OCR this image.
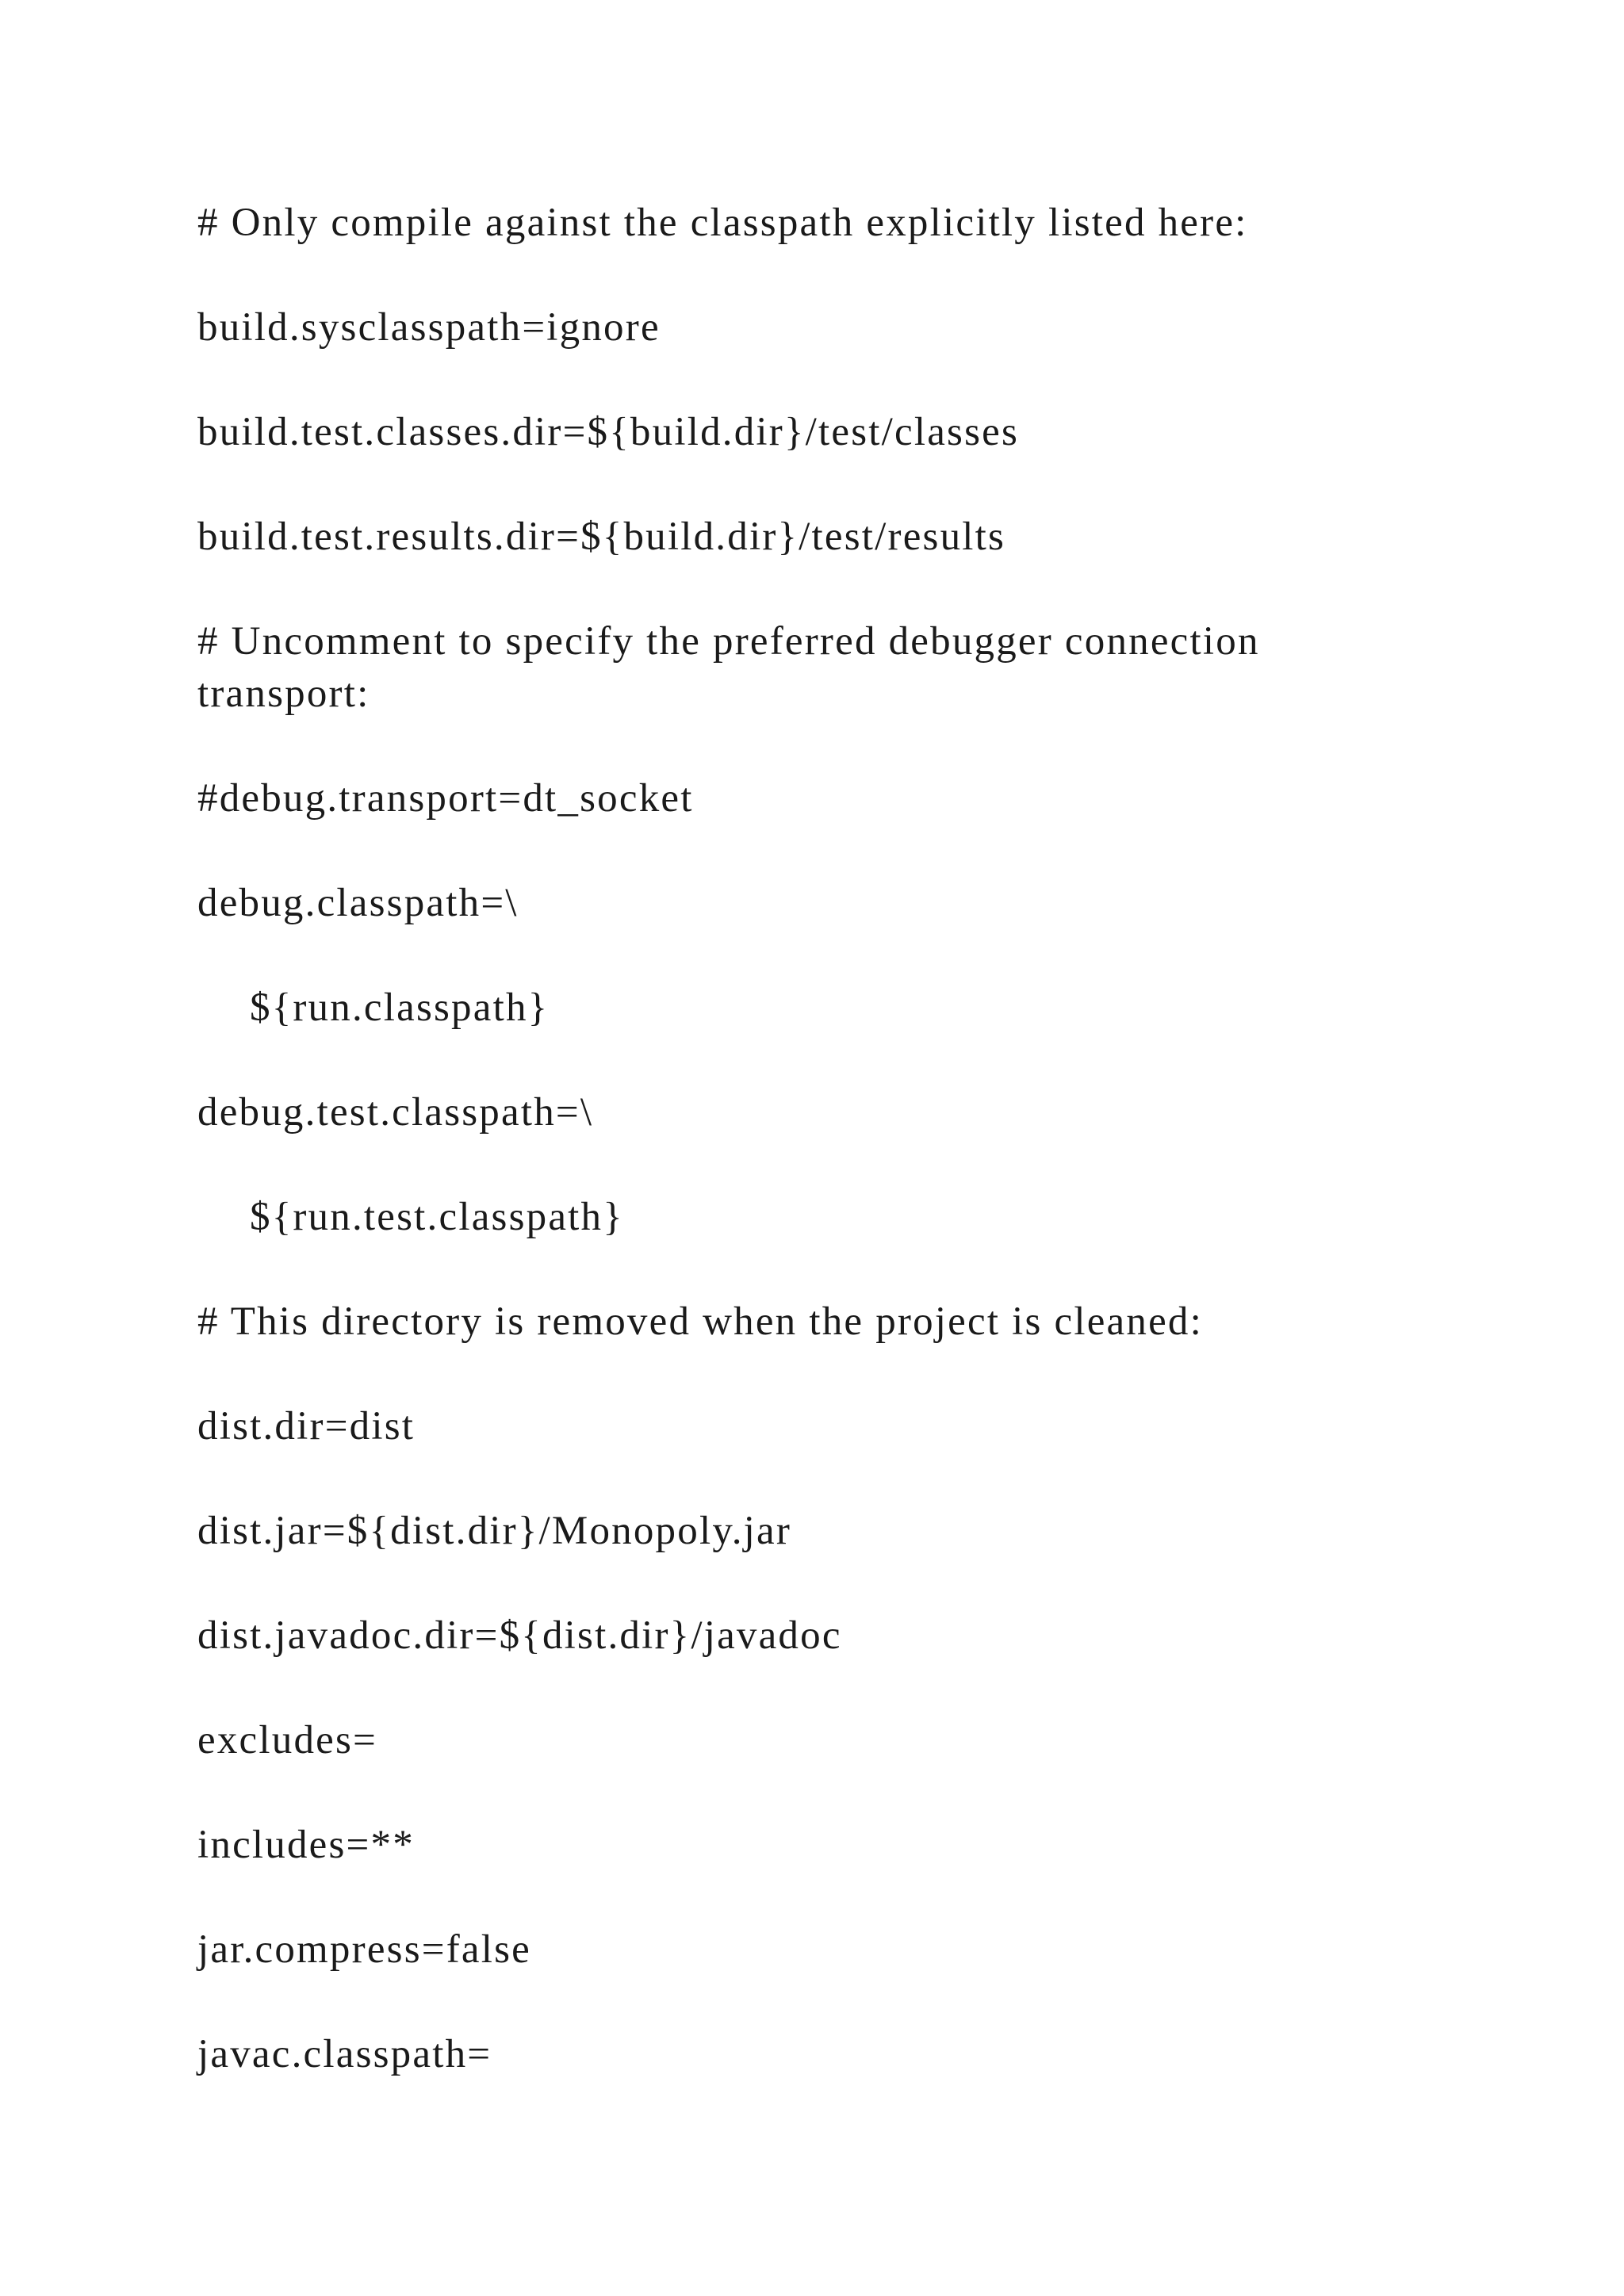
# Only compile against the classpath explicitly listed here:

build.sysclasspath=ignore

build.test.classes.dir=${build.dir}/test/classes

build.test.results.dir=${build.dir}/test/results

# Uncomment to specify the preferred debugger connection transport:

#debug.transport=dt_socket

debug.classpath=\

${run.classpath}

debug.test.classpath=\

${run.test.classpath}

# This directory is removed when the project is cleaned:

dist.dir=dist

dist.jar=${dist.dir}/Monopoly.jar

dist.javadoc.dir=${dist.dir}/javadoc

excludes=

includes=**

jar.compress=false

javac.classpath=
